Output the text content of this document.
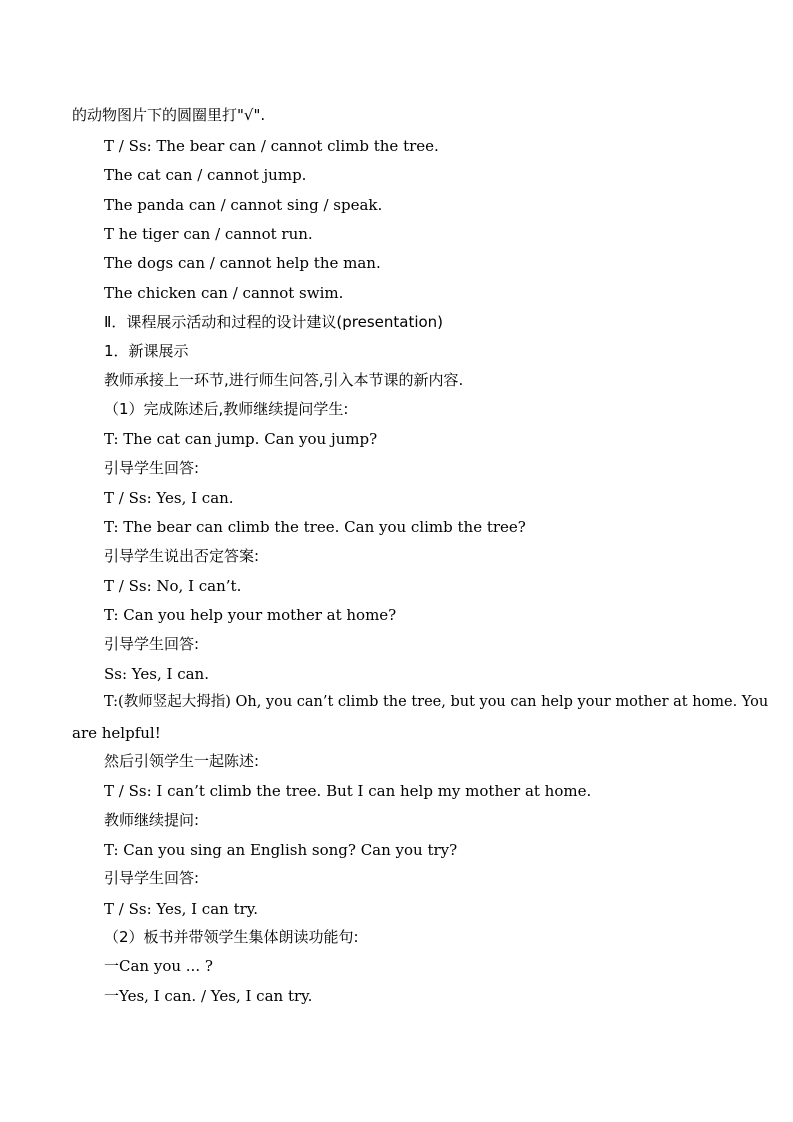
的动物图片下的圆圈里打"√".
T / Ss: The bear can / cannot climb the tree.
The cat can / cannot jump.
The panda can / cannot sing / speak.
T he tiger can / cannot run.
The dogs can / cannot help the man.
The chicken can / cannot swim.
Ⅱ．课程展示活动和过程的设计建议(presentation)
1．新课展示
教师承接上一环节,进行师生问答,引入本节课的新内容.
（1）完成陈述后,教师继续提问学生:
T: The cat can jump. Can you jump?
引导学生回答:
T / Ss: Yes, I can.
T: The bear can climb the tree. Can you climb the tree?
引导学生说出否定答案:
T / Ss: No, I can’t.
T: Can you help your mother at home?
引导学生回答:
Ss: Yes, I can.
T:(教师竖起大拇指) Oh, you can’t climb the tree, but you can help your mother at home. You
are helpful!
然后引领学生一起陈述:
T / Ss: I can’t climb the tree. But I can help my mother at home.
教师继续提问:
T: Can you sing an English song? Can you try?
引导学生回答:
T / Ss: Yes, I can try.
（2）板书并带领学生集体朗读功能句:
一Can you ... ?
一Yes, I can. / Yes, I can try.
